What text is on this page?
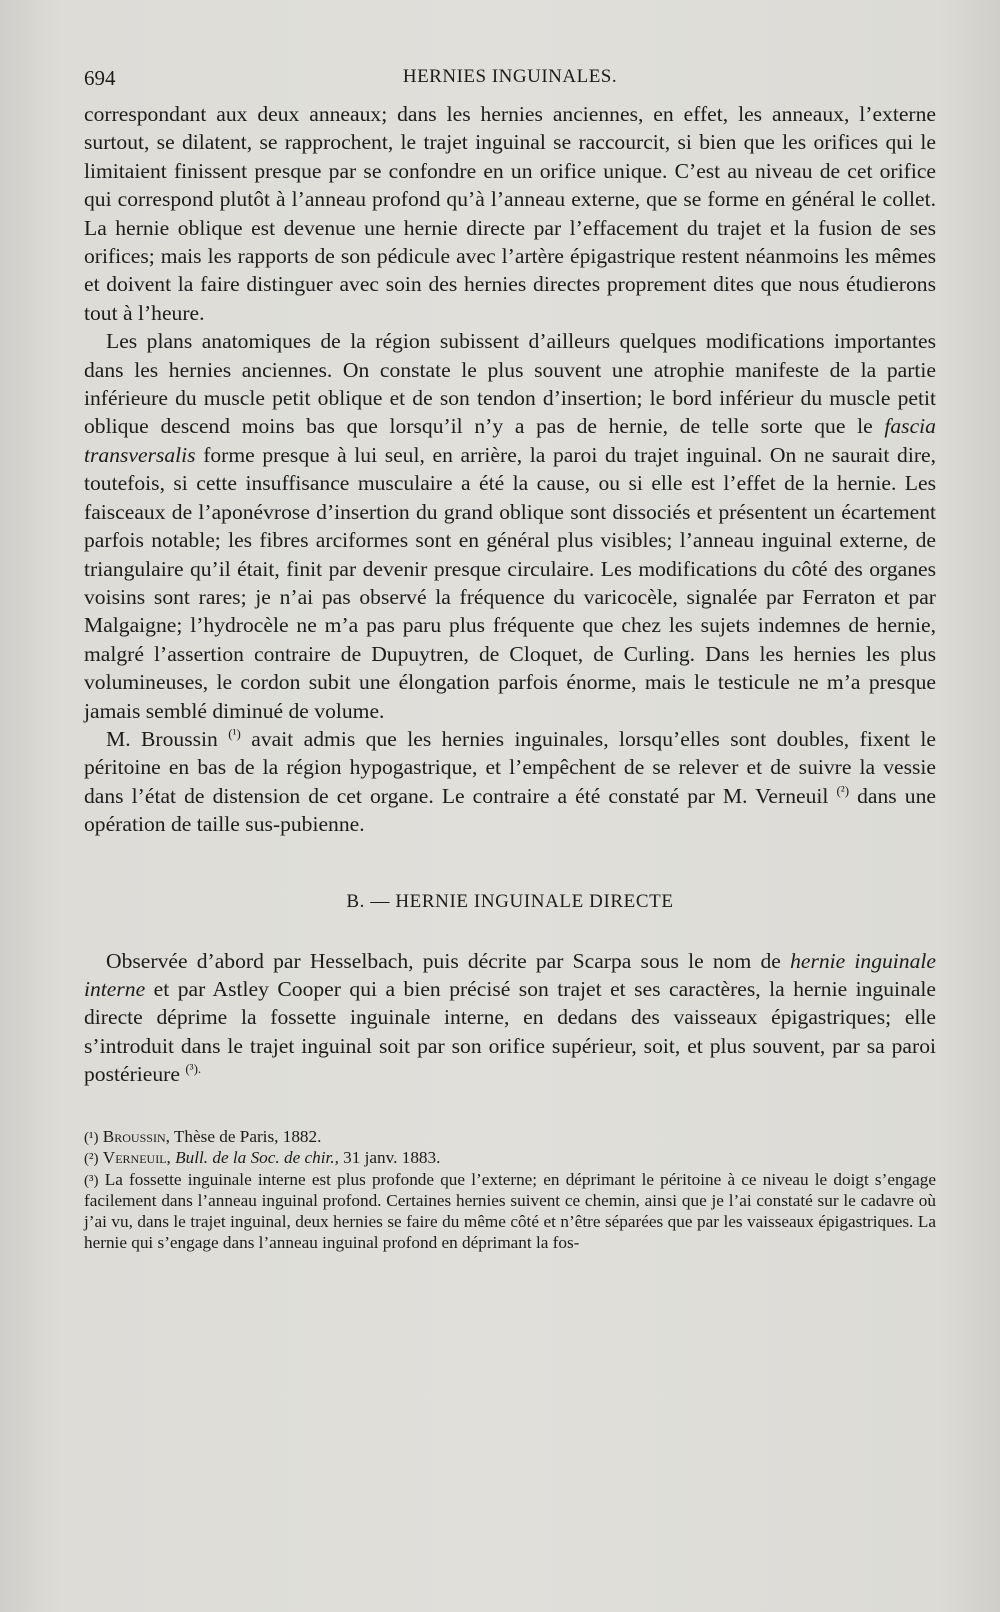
694	HERNIES INGUINALES.

correspondant aux deux anneaux; dans les hernies anciennes, en effet, les anneaux, l’externe surtout, se dilatent, se rapprochent, le trajet inguinal se raccourcit, si bien que les orifices qui le limitaient finissent presque par se confondre en un orifice unique. C’est au niveau de cet orifice qui correspond plutôt à l’anneau profond qu’à l’anneau externe, que se forme en général le collet. La hernie oblique est devenue une hernie directe par l’effacement du trajet et la fusion de ses orifices; mais les rapports de son pédicule avec l’artère épigastrique restent néanmoins les mêmes et doivent la faire distinguer avec soin des hernies directes proprement dites que nous étudierons tout à l’heure.

Les plans anatomiques de la région subissent d’ailleurs quelques modifications importantes dans les hernies anciennes. On constate le plus souvent une atrophie manifeste de la partie inférieure du muscle petit oblique et de son tendon d’insertion; le bord inférieur du muscle petit oblique descend moins bas que lorsqu’il n’y a pas de hernie, de telle sorte que le fascia transversalis forme presque à lui seul, en arrière, la paroi du trajet inguinal. On ne saurait dire, toutefois, si cette insuffisance musculaire a été la cause, ou si elle est l’effet de la hernie. Les faisceaux de l’aponévrose d’insertion du grand oblique sont dissociés et présentent un écartement parfois notable; les fibres arciformes sont en général plus visibles; l’anneau inguinal externe, de triangulaire qu’il était, finit par devenir presque circulaire. Les modifications du côté des organes voisins sont rares; je n’ai pas observé la fréquence du varicocèle, signalée par Ferraton et par Malgaigne; l’hydrocèle ne m’a pas paru plus fréquente que chez les sujets indemnes de hernie, malgré l’assertion contraire de Dupuytren, de Cloquet, de Curling. Dans les hernies les plus volumineuses, le cordon subit une élongation parfois énorme, mais le testicule ne m’a presque jamais semblé diminué de volume.

M. Broussin $^{(^1)}$ avait admis que les hernies inguinales, lorsqu’elles sont doubles, fixent le péritoine en bas de la région hypogastrique, et l’empêchent de se relever et de suivre la vessie dans l’état de distension de cet organe. Le contraire a été constaté par M. Verneuil $^{(^2)}$ dans une opération de taille sus-pubienne.

B. — HERNIE INGUINALE DIRECTE

Observée d’abord par Hesselbach, puis décrite par Scarpa sous le nom de hernie inguinale interne et par Astley Cooper qui a bien précisé son trajet et ses caractères, la hernie inguinale directe déprime la fossette inguinale interne, en dedans des vaisseaux épigastriques; elle s’introduit dans le trajet inguinal soit par son orifice supérieur, soit, et plus souvent, par sa paroi postérieure $^{(^3).}$

(¹) Broussin, Thèse de Paris, 1882.

(²) Verneuil, Bull. de la Soc. de chir., 31 janv. 1883.

(³) La fossette inguinale interne est plus profonde que l’externe; en déprimant le péritoine à ce niveau le doigt s’engage facilement dans l’anneau inguinal profond. Certaines hernies suivent ce chemin, ainsi que je l’ai constaté sur le cadavre où j’ai vu, dans le trajet inguinal, deux hernies se faire du même côté et n’être séparées que par les vaisseaux épigastriques. La hernie qui s’engage dans l’anneau inguinal profond en déprimant la fos-
